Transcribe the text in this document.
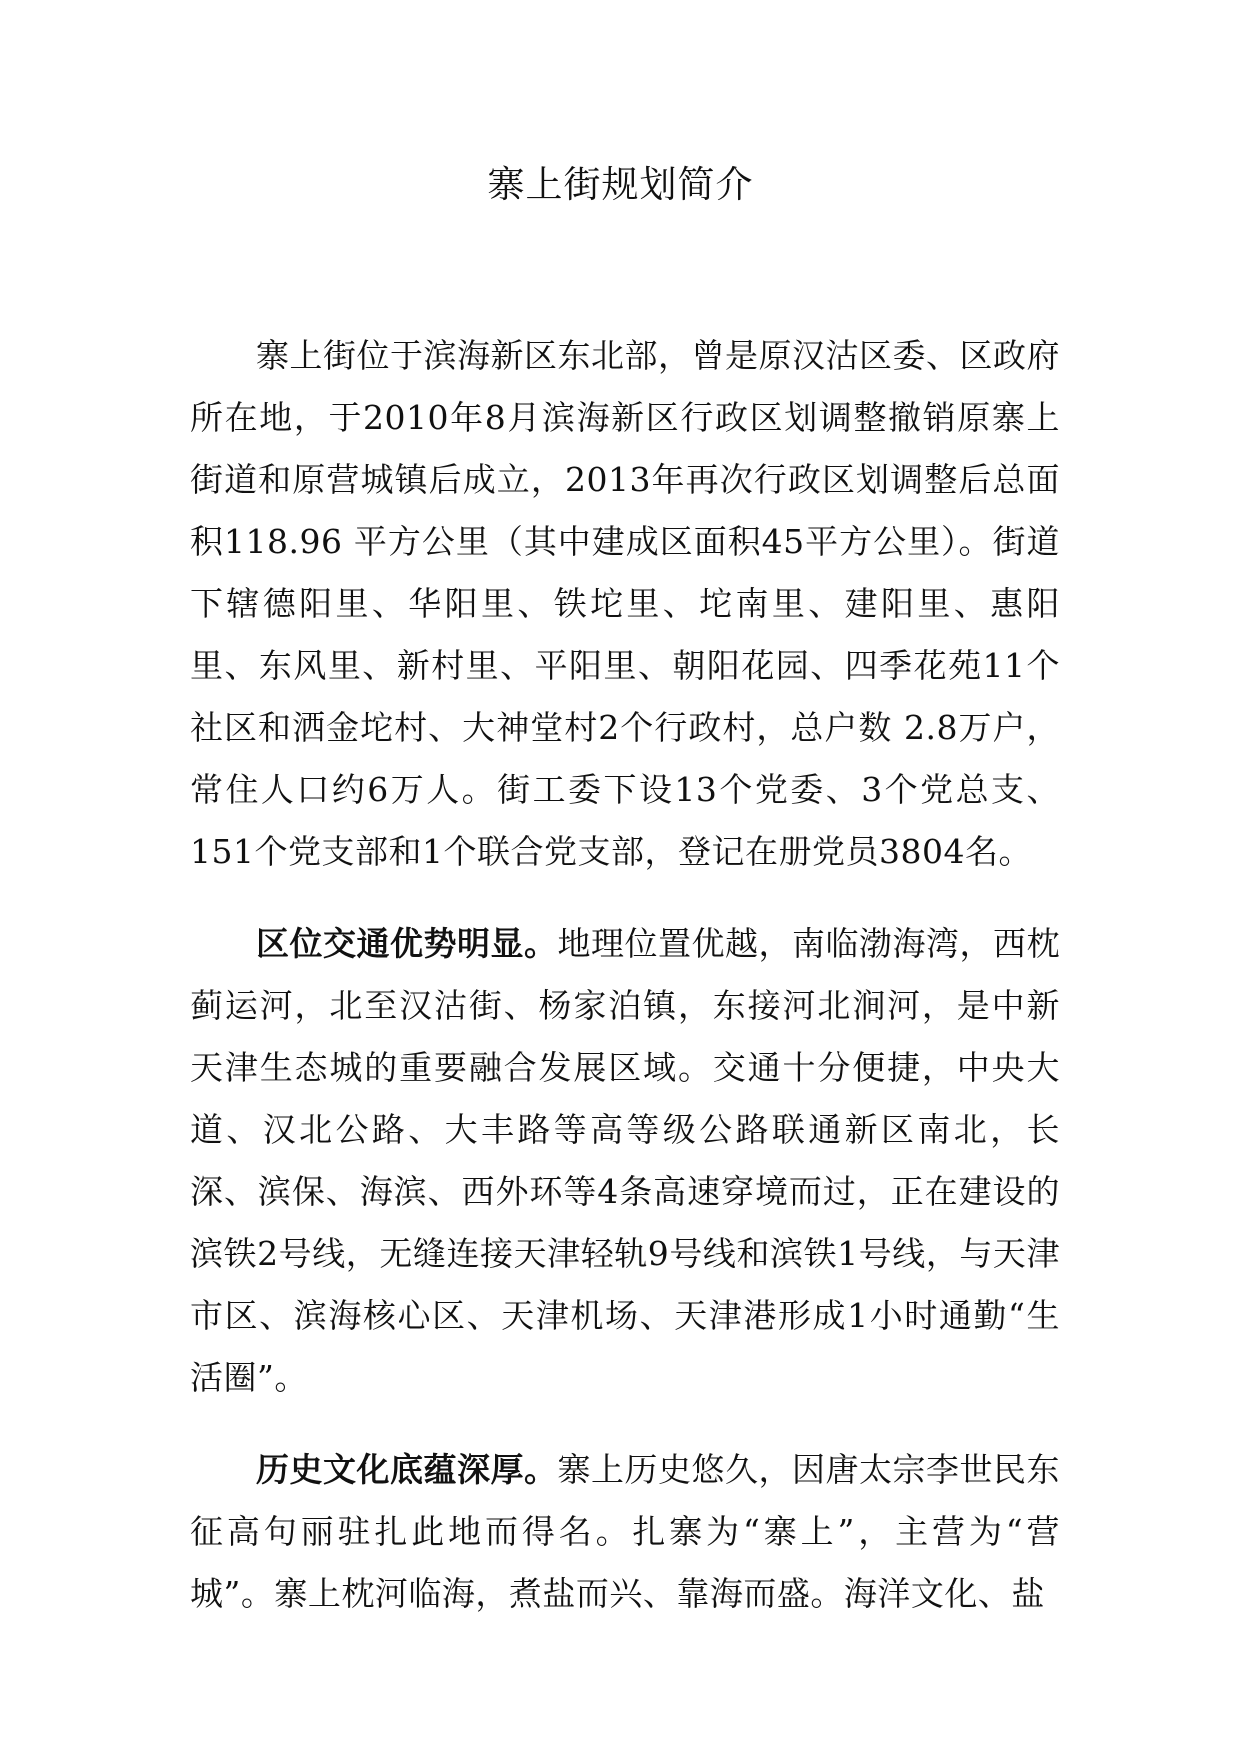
寨上街规划简介

寨上街位于滨海新区东北部，曾是原汉沽区委、区政府所在地，于2010年8月滨海新区行政区划调整撤销原寨上街道和原营城镇后成立，2013年再次行政区划调整后总面积118.96 平方公里（其中建成区面积45平方公里）。街道下辖德阳里、华阳里、铁坨里、坨南里、建阳里、惠阳里、东风里、新村里、平阳里、朝阳花园、四季花苑11个社区和洒金坨村、大神堂村2个行政村，总户数 2.8万户，常住人口约6万人。街工委下设13个党委、3个党总支、151个党支部和1个联合党支部，登记在册党员3804名。

区位交通优势明显。地理位置优越，南临渤海湾，西枕蓟运河，北至汉沽街、杨家泊镇，东接河北涧河，是中新天津生态城的重要融合发展区域。交通十分便捷，中央大道、汉北公路、大丰路等高等级公路联通新区南北，长深、滨保、海滨、西外环等4条高速穿境而过，正在建设的滨铁2号线，无缝连接天津轻轨9号线和滨铁1号线，与天津市区、滨海核心区、天津机场、天津港形成1小时通勤“生活圈”。

历史文化底蕴深厚。寨上历史悠久，因唐太宗李世民东征高句丽驻扎此地而得名。扎寨为“寨上”，主营为“营城”。寨上枕河临海，煮盐而兴、靠海而盛。海洋文化、盐
